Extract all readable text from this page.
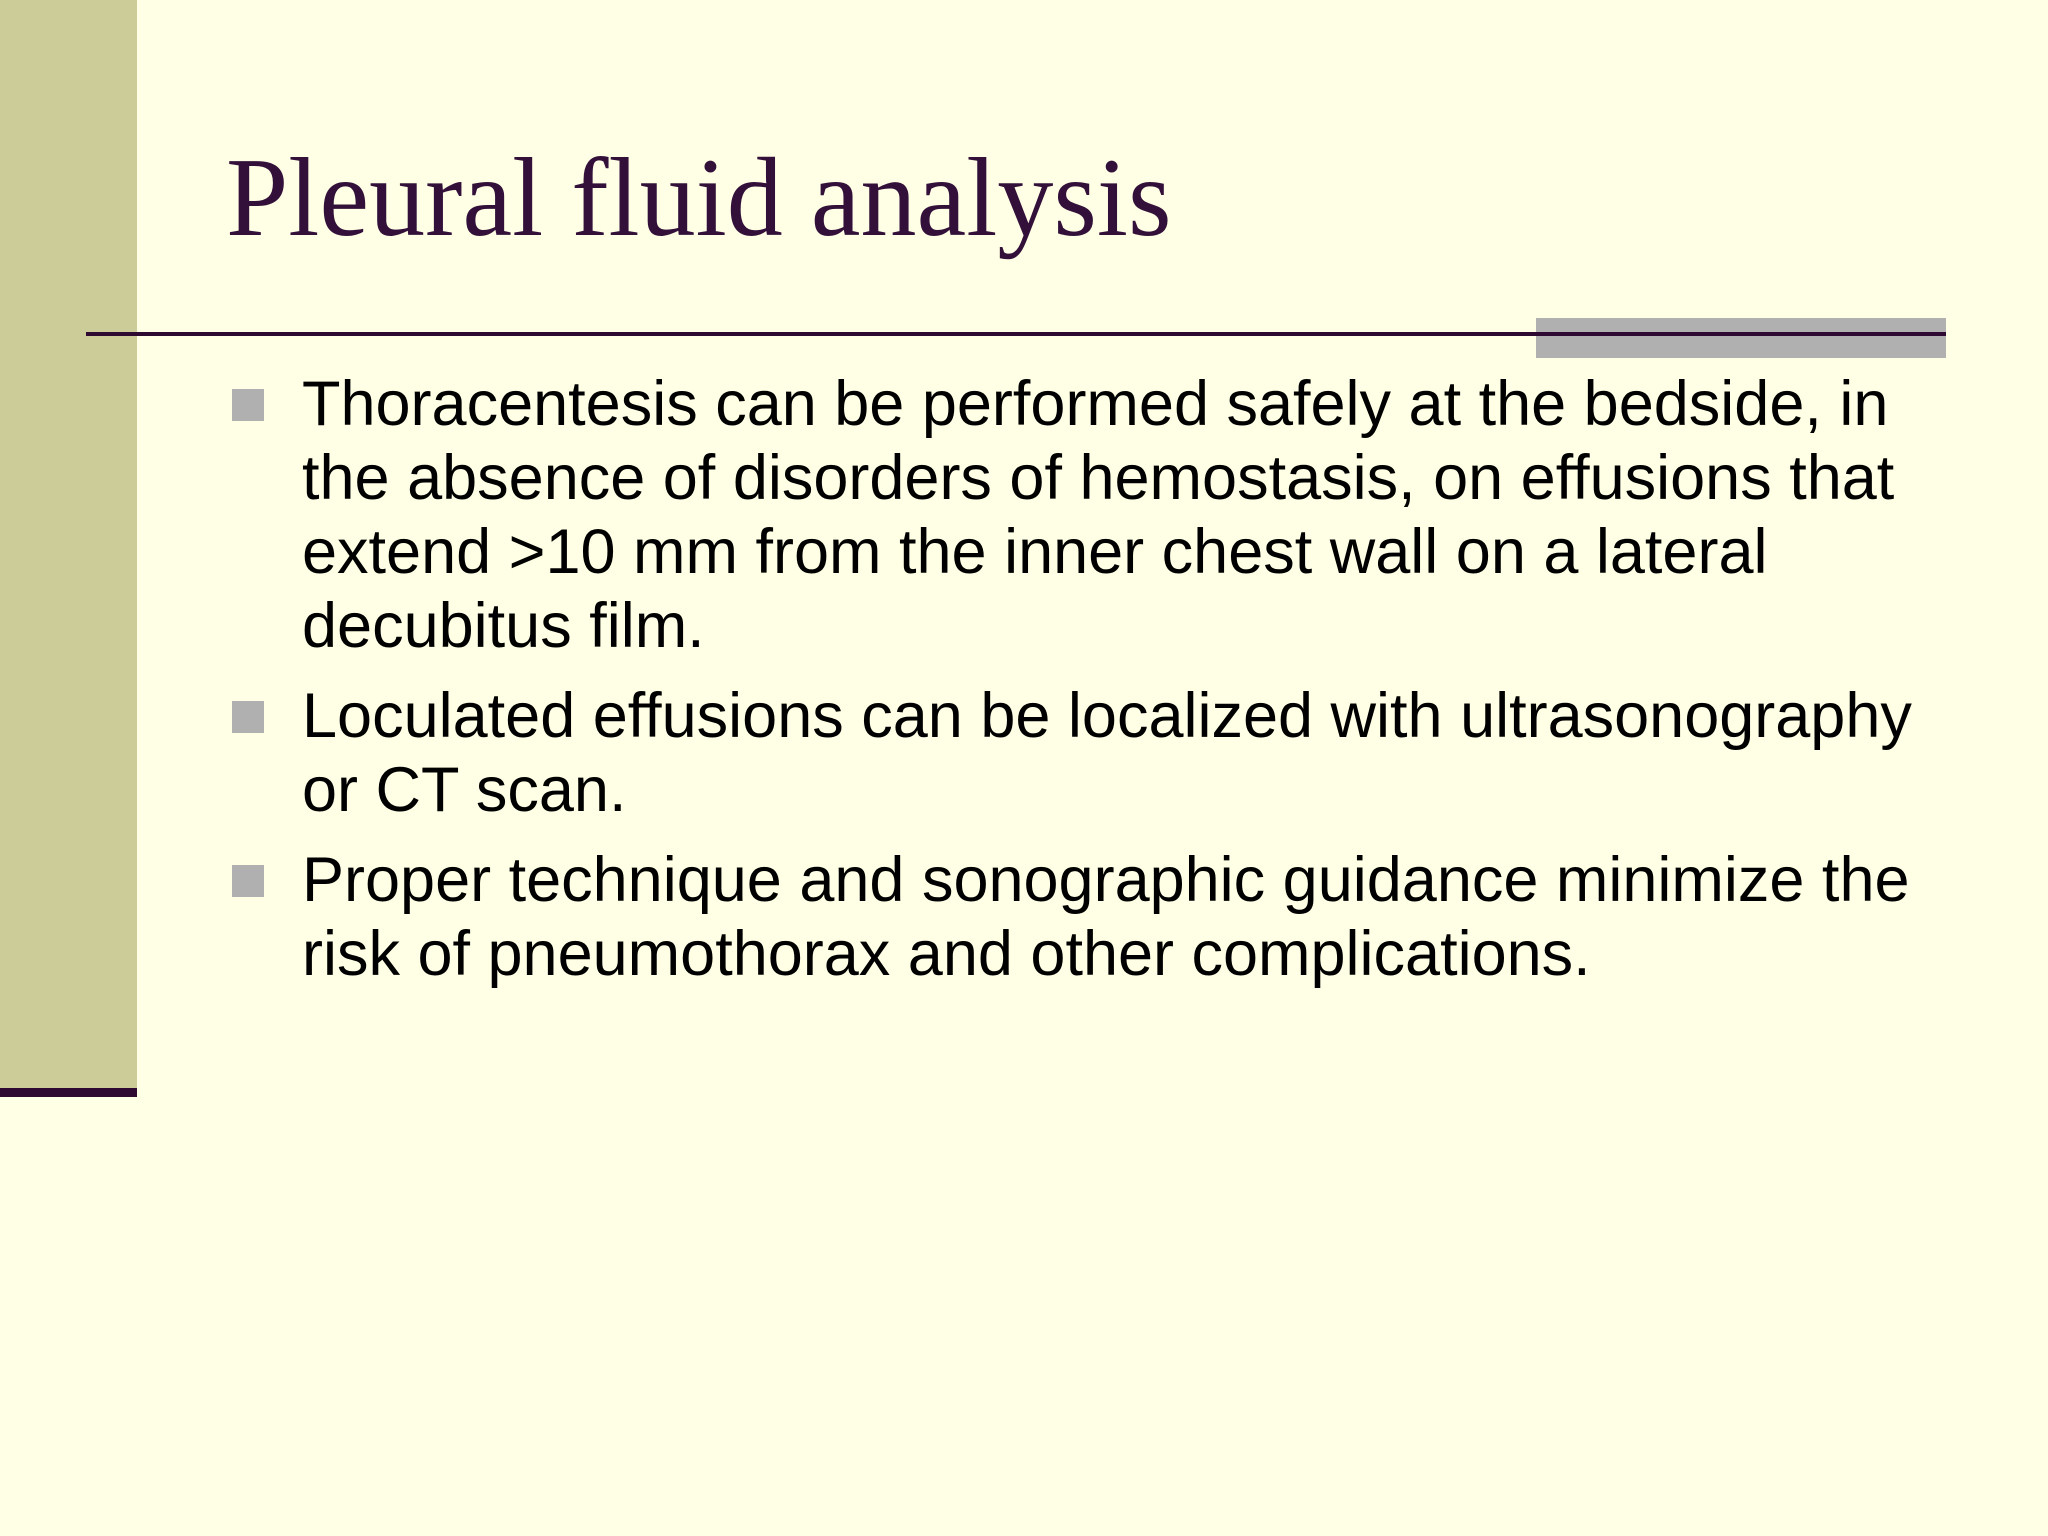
Pleural fluid analysis
Thoracentesis can be performed safely at the bedside, in the absence of disorders of hemostasis, on effusions that extend >10 mm from the inner chest wall on a lateral decubitus film.
Loculated effusions can be localized with ultrasonography or CT scan.
Proper technique and sonographic guidance minimize the risk of pneumothorax and other complications.
